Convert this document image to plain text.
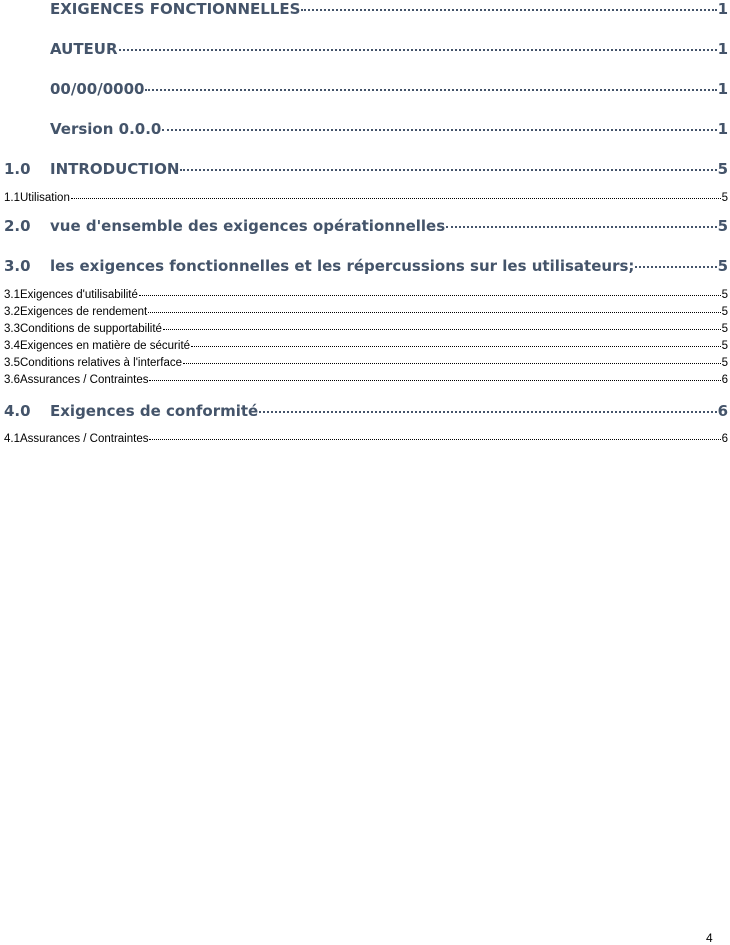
EXIGENCES FONCTIONNELLES	1
AUTEUR	1
00/00/0000	1
Version 0.0.0	1
1.0	INTRODUCTION	5
1.1 Utilisation	5
2.0	vue d'ensemble des exigences opérationnelles	5
3.0	les exigences fonctionnelles et les répercussions sur les utilisateurs;	5
3.1 Exigences d'utilisabilité	5
3.2 Exigences de rendement	5
3.3 Conditions de supportabilité	5
3.4 Exigences en matière de sécurité	5
3.5 Conditions relatives à l'interface	5
3.6 Assurances / Contraintes	6
4.0	Exigences de conformité	6
4.1 Assurances / Contraintes	6
4
